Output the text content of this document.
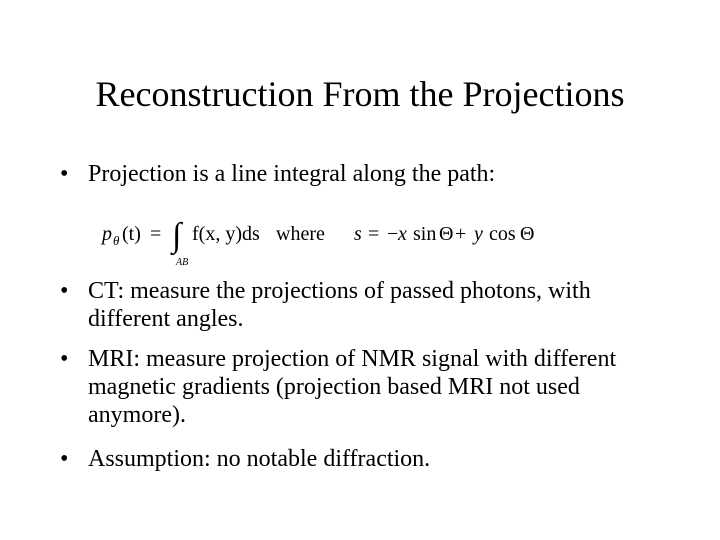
Reconstruction From the Projections
• Projection is a line integral along the path:
p θ (t) = ∫
AB
f(x, y)ds where s = − x sin Θ + y cos Θ
• CT: measure the projections of passed photons, with different angles.
• MRI: measure projection of NMR signal with different magnetic gradients (projection based MRI not used anymore).
• Assumption: no notable diffraction.
